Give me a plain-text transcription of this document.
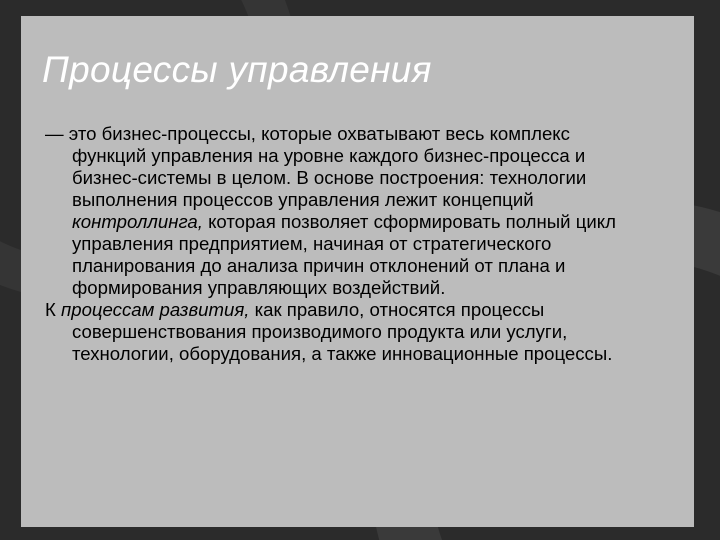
Процессы управления

— это бизнес-процессы, которые охватывают весь комплекс функций управления на уровне каждого бизнес-процесса и бизнес-системы в целом. В основе построения: технологии выполнения процессов управления лежит концепций контроллинга, которая позволяет сформировать полный цикл управления предприятием, начиная от стратегического планирования до анализа причин отклонений от плана и формирования управляющих воздействий.

К процессам развития, как правило, относятся процессы совершенствования производимого продукта или услуги, технологии, оборудования, а также инновационные процессы.
